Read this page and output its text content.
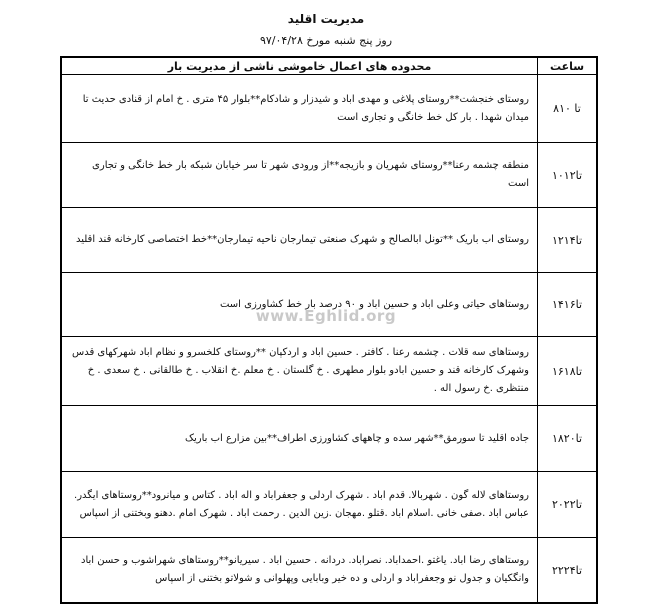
مدیریت اقلید
روز پنج شنبه مورخ ۹۷/۰۴/۲۸
ساعت	محدوده های اعمال خاموشی ناشی از مدیریت بار
۸تا ۱۰	روستای خنجشت**روستای پلاغی و مهدی اباد و شیدزار و شادکام**بلوار ۴۵ متری . خ امام از قنادی حدیث تا میدان شهدا . بار کل خط خانگی و تجاری است
۱۰تا۱۲	منطقه چشمه رعنا**روستای شهریان و بازیجه**از ورودی شهر تا سر خیابان شبکه بار خط خانگی و تجاری است
۱۲تا۱۴	روستای اب باریک **تونل ابالصالح و شهرک صنعتی تیمارجان ناحیه تیمارجان**خط اختصاصی کارخانه قند اقلید
۱۴تا۱۶	روستاهای حیاتی وعلی اباد و حسین اباد و ۹۰ درصد بار خط کشاورزی است
۱۶تا۱۸	روستاهای سه قلات . چشمه رعنا . کافتر . حسین اباد و اردکپان **روستای کلخسرو و نظام اباد شهرکهای قدس وشهرک کارخانه قند و حسین ابادو بلوار مطهری . خ گلستان . خ معلم .خ انقلاب . خ طالقانی . خ سعدی . خ منتظری .خ رسول اله .
۱۸تا۲۰	جاده اقلید تا سورمق**شهر سده و چاههای کشاورزی اطراف**بین مزارع اب باریک
۲۰تا۲۲	روستاهای لاله گون . شهربالا. قدم اباد . شهرک اردلی و جعفراباد و اله اباد . کتاس و میانرود**روستاهای ایگدر. عباس اباد .صفی خانی .اسلام اباد .قتلو .مهجان .زین الدین . رحمت اباد . شهرک امام .دهنو وبختنی از اسپاس
۲۲تا۲۴	روستاهای رضا اباد. یاغتو .احمداباد. نصراباد. دردانه . حسین اباد . سیریانو**روستاهای شهراشوب و حسن اباد وانگکیان و جدول نو وجعفراباد و اردلی و ده خیر وبابایی وپهلوانی و شولاتو بختنی از اسپاس
www.Eghlid.org
